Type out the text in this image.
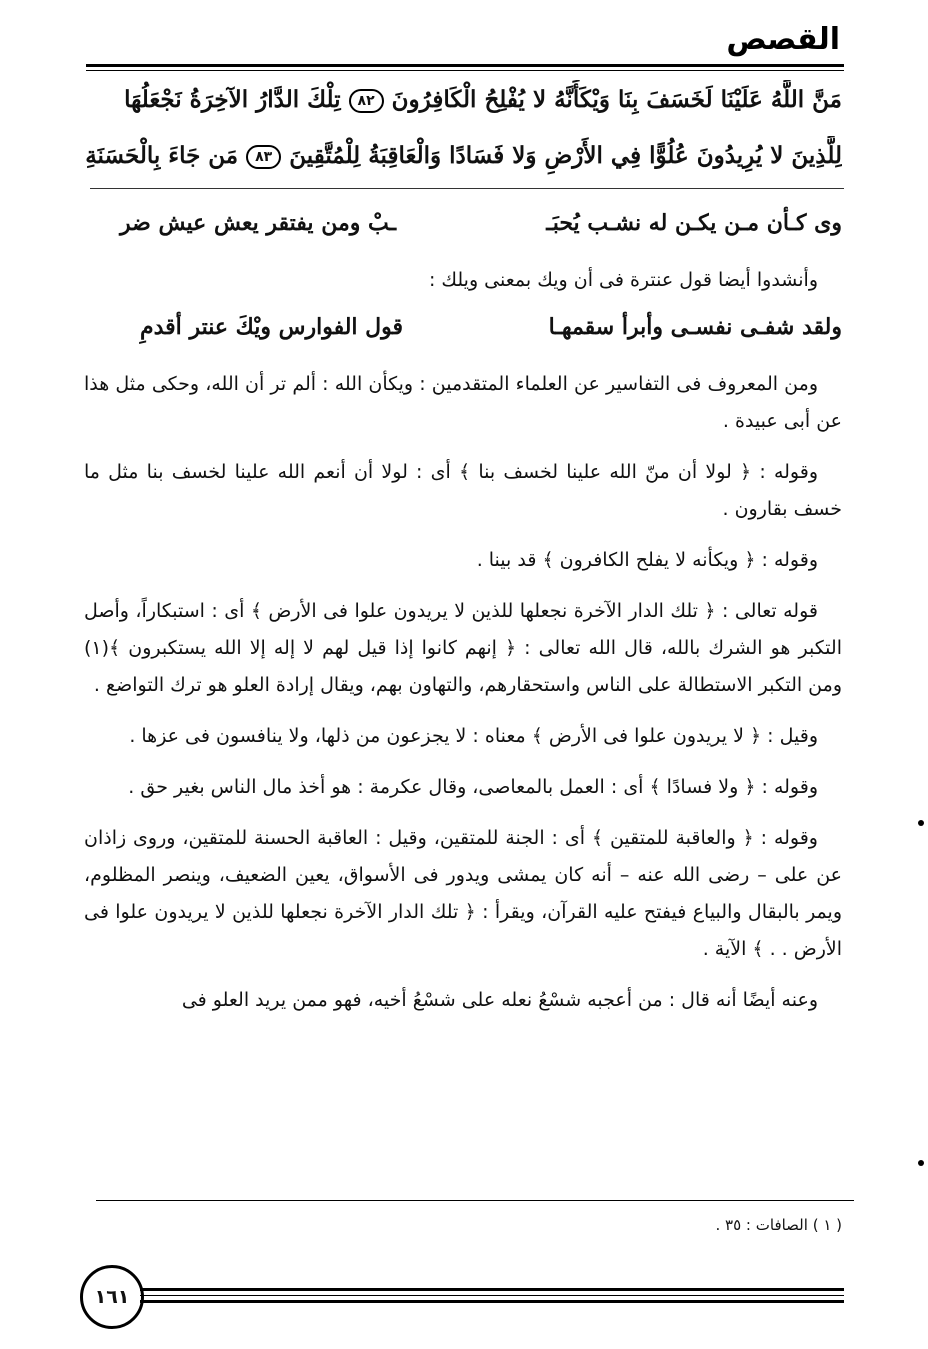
القصص
مَنَّ اللَّهُ عَلَيْنَا لَخَسَفَ بِنَا وَيْكَأَنَّهُ لا يُفْلِحُ الْكَافِرُونَ ٨٢ تِلْكَ الدَّارُ الآخِرَةُ نَجْعَلُهَا
لِلَّذِينَ لا يُرِيدُونَ عُلُوًّا فِي الأَرْضِ وَلا فَسَادًا وَالْعَاقِبَةُ لِلْمُتَّقِينَ ٨٣ مَن جَاءَ بِالْحَسَنَةِ
وى كـأن مـن يكـن له نشـب يُحبَـ
ـبْ ومن يفتقر يعش عيش ضر

وأنشدوا أيضا قول عنترة فى أن ويك بمعنى ويلك :

ولقد شفـى نفسـى وأبرأ سقمهـا
قول الفوارس ويْكَ عنتر أقدمِ

ومن المعروف فى التفاسير عن العلماء المتقدمين : ويكأن الله : ألم تر أن الله، وحكى مثل هذا عن أبى عبيدة .

وقوله : ﴿ لولا أن منّ الله علينا لخسف بنا ﴾ أى : لولا أن أنعم الله علينا لخسف بنا مثل ما خسف بقارون .

وقوله : ﴿ ويكأنه لا يفلح الكافرون ﴾ قد بينا .

قوله تعالى : ﴿ تلك الدار الآخرة نجعلها للذين لا يريدون علوا فى الأرض ﴾ أى : استبكاراً، وأصل التكبر هو الشرك بالله، قال الله تعالى : ﴿ إنهم كانوا إذا قيل لهم لا إله إلا الله يستكبرون ﴾(١) ومن التكبر الاستطالة على الناس واستحقارهم، والتهاون بهم، ويقال إرادة العلو هو ترك التواضع .

وقيل : ﴿ لا يريدون علوا فى الأرض ﴾ معناه : لا يجزعون من ذلها، ولا ينافسون فى عزها .

وقوله : ﴿ ولا فسادًا ﴾ أى : العمل بالمعاصى، وقال عكرمة : هو أخذ مال الناس بغير حق .

وقوله : ﴿ والعاقبة للمتقين ﴾ أى : الجنة للمتقين، وقيل : العاقبة الحسنة للمتقين، وروى زاذان عن على – رضى الله عنه – أنه كان يمشى ويدور فى الأسواق، يعين الضعيف، وينصر المظلوم، ويمر بالبقال والبياع فيفتح عليه القرآن، ويقرأ : ﴿ تلك الدار الآخرة نجعلها للذين لا يريدون علوا فى الأرض . . ﴾ الآية .

وعنه أيضًا أنه قال : من أعجبه شسْعُ نعله على شسْعُ أخيه، فهو ممن يريد العلو فى

( ١ ) الصافات : ٣٥ .
١٦١
